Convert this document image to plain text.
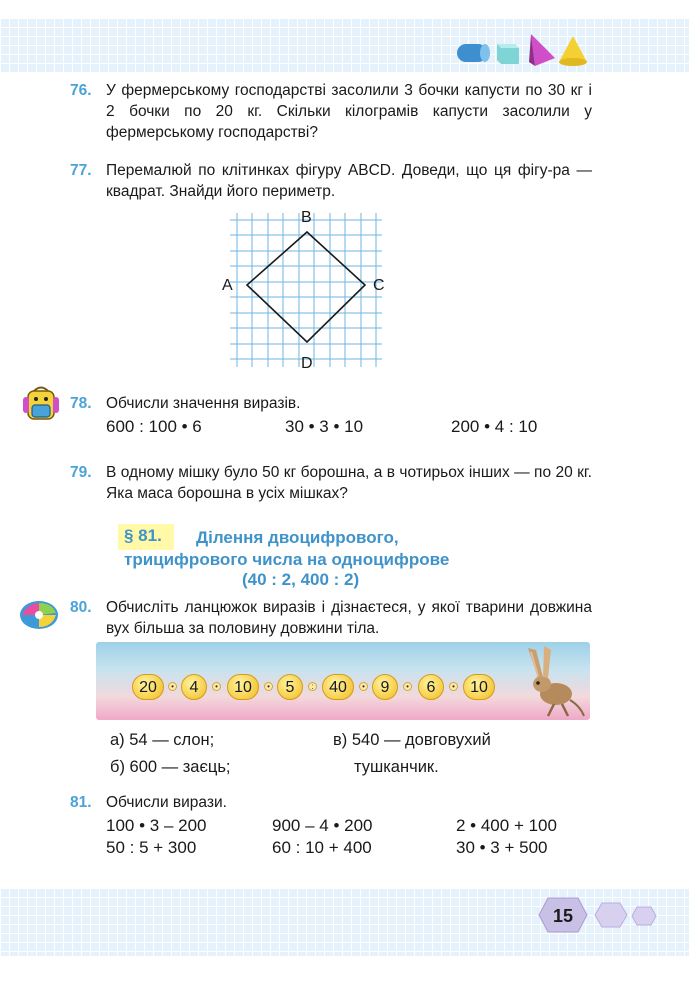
76. У фермерському господарстві засолили 3 бочки капусти по 30 кг і 2 бочки по 20 кг. Скільки кілограмів капусти засолили у фермерському господарстві?
77. Перемалюй по клітинках фігуру ABCD. Доведи, що ця фігу-ра — квадрат. Знайди його периметр.
B
C
A
D
78. Обчисли значення виразів.
600 : 100 • 6	30 • 3 • 10	200 • 4 : 10
79. В одному мішку було 50 кг борошна, а в чотирьох інших — по 20 кг. Яка маса борошна в усіх мішках?
§ 81. Ділення двоцифрового,
трицифрового числа на одноцифрове
(40 : 2, 400 : 2)
80. Обчисліть ланцюжок виразів і дізнаєтеся, у якої тварини довжина вух більша за половину довжини тіла.
20	• 4	•	10	• 5	: 40	• 9	•	6	• 10
а) 54 — слон;	в) 540 — довговухий
б) 600 — заєць;	тушканчик.
81. Обчисли вирази.
100 • 3 – 200	900 – 4 • 200	2 • 400 + 100
50 : 5 + 300	60 : 10 + 400	30 • 3 + 500
15
